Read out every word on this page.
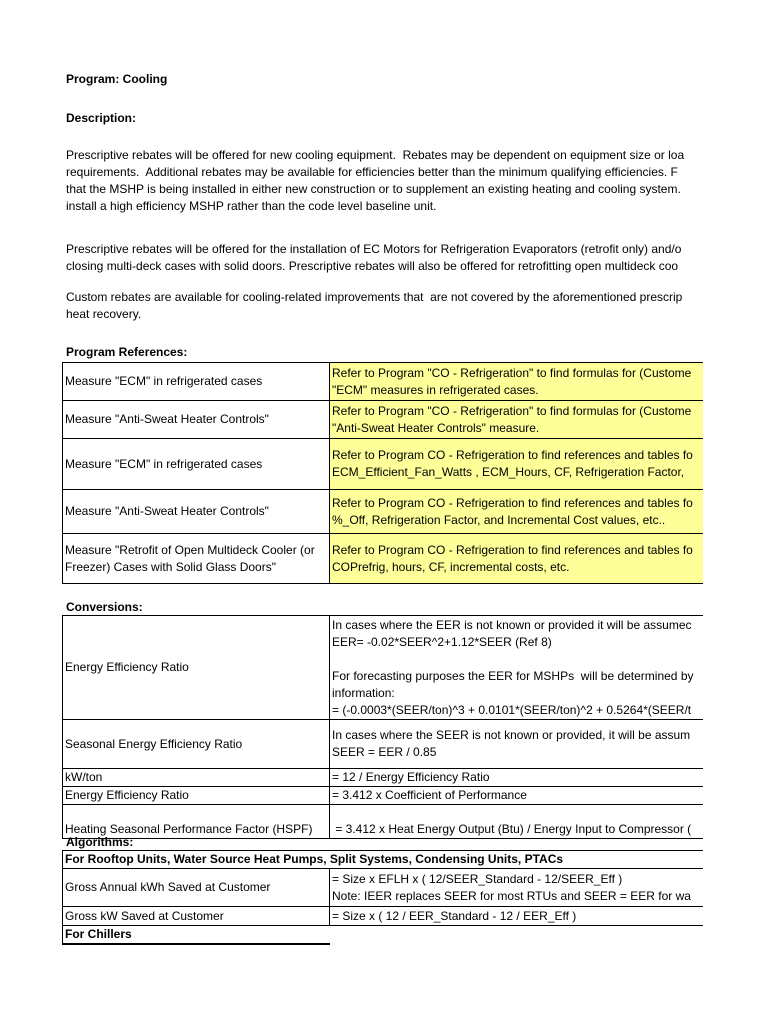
Program: Cooling
Description:
Prescriptive rebates will be offered for new cooling equipment.  Rebates may be dependent on equipment size or loa
requirements.  Additional rebates may be available for efficiencies better than the minimum qualifying efficiencies. F
that the MSHP is being installed in either new construction or to supplement an existing heating and cooling system.
install a high efficiency MSHP rather than the code level baseline unit.
Prescriptive rebates will be offered for the installation of EC Motors for Refrigeration Evaporators (retrofit only) and/o
closing multi-deck cases with solid doors. Prescriptive rebates will also be offered for retrofitting open multideck coo
Custom rebates are available for cooling-related improvements that  are not covered by the aforementioned prescrip
heat recovery.
Program References:
Measure "ECM" in refrigerated cases	Refer to Program "CO - Refrigeration" to find formulas for (Custome
"ECM" measures in refrigerated cases.
Measure "Anti-Sweat Heater Controls"	Refer to Program "CO - Refrigeration" to find formulas for (Custome
"Anti-Sweat Heater Controls" measure.
Measure "ECM" in refrigerated cases	Refer to Program CO - Refrigeration to find references and tables fo
ECM_Efficient_Fan_Watts , ECM_Hours, CF, Refrigeration Factor,
Measure "Anti-Sweat Heater Controls"	Refer to Program CO - Refrigeration to find references and tables fo
%_Off, Refrigeration Factor, and Incremental Cost values, etc..
Measure "Retrofit of Open Multideck Cooler (or
Freezer) Cases with Solid Glass Doors"	Refer to Program CO - Refrigeration to find references and tables fo
COPrefrig, hours, CF, incremental costs, etc.
Conversions:
Energy Efficiency Ratio	In cases where the EER is not known or provided it will be assumec
EER= -0.02*SEER^2+1.12*SEER (Ref 8)

For forecasting purposes the EER for MSHPs  will be determined by
information:
= (-0.0003*(SEER/ton)^3 + 0.0101*(SEER/ton)^2 + 0.5264*(SEER/t
Seasonal Energy Efficiency Ratio	In cases where the SEER is not known or provided, it will be assum
SEER = EER / 0.85
kW/ton	= 12 / Energy Efficiency Ratio
Energy Efficiency Ratio	= 3.412 x Coefficient of Performance
Heating Seasonal Performance Factor (HSPF)	= 3.412 x Heat Energy Output (Btu) / Energy Input to Compressor (
Algorithms:
For Rooftop Units, Water Source Heat Pumps, Split Systems, Condensing Units, PTACs	
Gross Annual kWh Saved at Customer	= Size x EFLH x ( 12/SEER_Standard - 12/SEER_Eff )
Note: IEER replaces SEER for most RTUs and SEER = EER for wa
Gross kW Saved at Customer	= Size x ( 12 / EER_Standard - 12 / EER_Eff )
For Chillers	
